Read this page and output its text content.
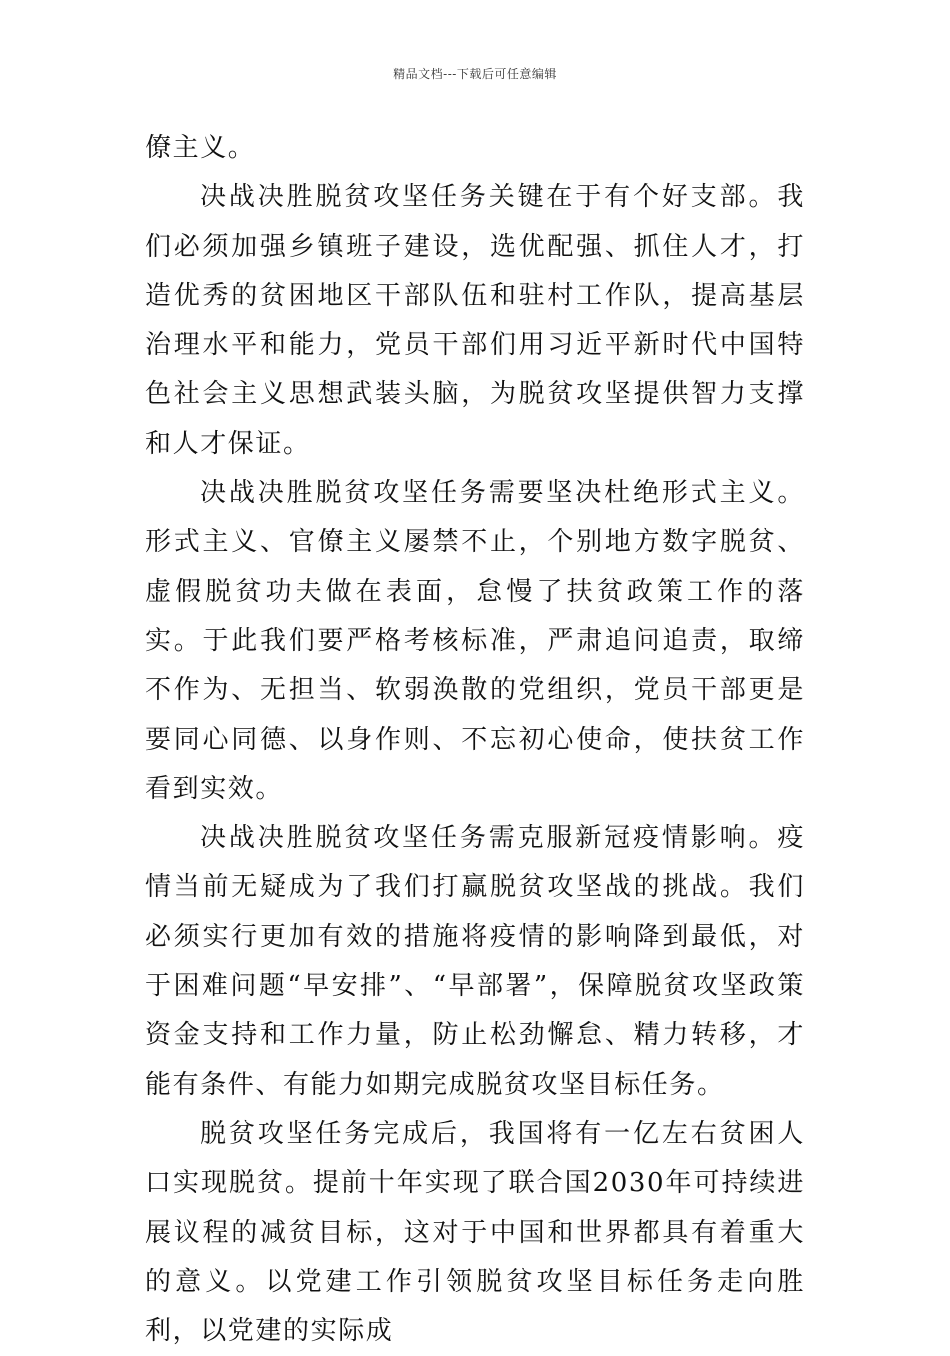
精品文档---下载后可任意编辑

僚主义。

决战决胜脱贫攻坚任务关键在于有个好支部。我们必须加强乡镇班子建设，选优配强、抓住人才，打造优秀的贫困地区干部队伍和驻村工作队，提高基层治理水平和能力，党员干部们用习近平新时代中国特色社会主义思想武装头脑，为脱贫攻坚提供智力支撑和人才保证。

决战决胜脱贫攻坚任务需要坚决杜绝形式主义。形式主义、官僚主义屡禁不止，个别地方数字脱贫、虚假脱贫功夫做在表面，怠慢了扶贫政策工作的落实。于此我们要严格考核标准，严肃追问追责，取缔不作为、无担当、软弱涣散的党组织，党员干部更是要同心同德、以身作则、不忘初心使命，使扶贫工作看到实效。

决战决胜脱贫攻坚任务需克服新冠疫情影响。疫情当前无疑成为了我们打赢脱贫攻坚战的挑战。我们必须实行更加有效的措施将疫情的影响降到最低，对于困难问题“早安排”、“早部署”，保障脱贫攻坚政策资金支持和工作力量，防止松劲懈怠、精力转移，才能有条件、有能力如期完成脱贫攻坚目标任务。

脱贫攻坚任务完成后，我国将有一亿左右贫困人口实现脱贫。提前十年实现了联合国2030年可持续进展议程的减贫目标，这对于中国和世界都具有着重大的意义。以党建工作引领脱贫攻坚目标任务走向胜利，以党建的实际成
